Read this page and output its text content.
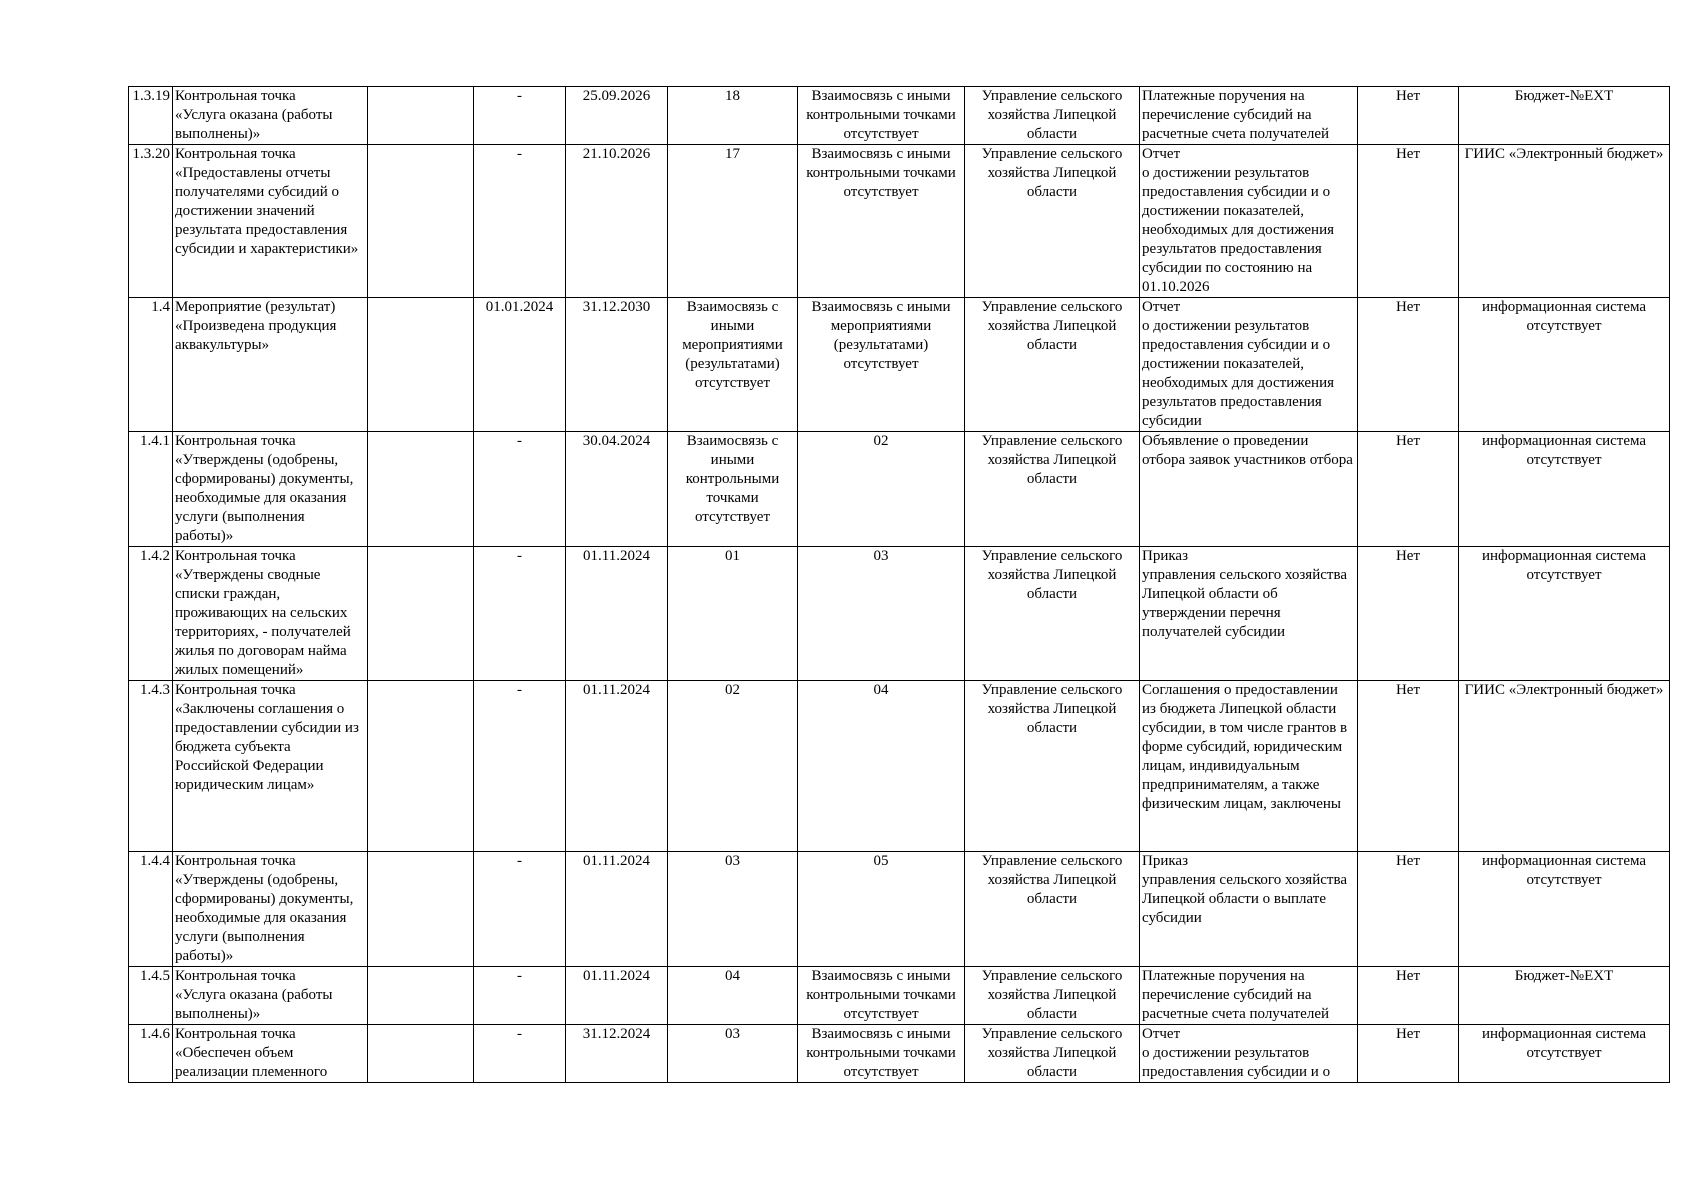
1.3.19	Контрольная точка
«Услуга оказана (работы выполнены)»		-	25.09.2026	18	Взаимосвязь с иными контрольными точками отсутствует	Управление сельского хозяйства Липецкой области	Платежные поручения на перечисление субсидий на расчетные счета получателей	Нет	Бюджет-№ЕХТ
1.3.20	Контрольная точка
«Предоставлены отчеты получателями субсидий о достижении значений результата предоставления субсидии и характеристики»		-	21.10.2026	17	Взаимосвязь с иными контрольными точками отсутствует	Управление сельского хозяйства Липецкой области	Отчет
о достижении результатов предоставления субсидии и о достижении показателей, необходимых для достижения результатов предоставления субсидии по состоянию на 01.10.2026	Нет	ГИИС «Электронный бюджет»
1.4	Мероприятие (результат) «Произведена продукция аквакультуры»		01.01.2024	31.12.2030	Взаимосвязь с иными мероприятиями (результатами) отсутствует	Взаимосвязь с иными мероприятиями (результатами) отсутствует	Управление сельского хозяйства Липецкой области	Отчет
о достижении результатов предоставления субсидии и о достижении показателей, необходимых для достижения результатов предоставления субсидии	Нет	информационная система отсутствует
1.4.1	Контрольная точка
«Утверждены (одобрены, сформированы) документы, необходимые для оказания услуги (выполнения работы)»		-	30.04.2024	Взаимосвязь с иными контрольными точками отсутствует	02	Управление сельского хозяйства Липецкой области	Объявление о проведении отбора заявок участников отбора	Нет	информационная система отсутствует
1.4.2	Контрольная точка
«Утверждены сводные списки граждан, проживающих на сельских территориях, - получателей жилья по договорам найма жилых помещений»		-	01.11.2024	01	03	Управление сельского хозяйства Липецкой области	Приказ
управления сельского хозяйства Липецкой области об утверждении перечня получателей субсидии	Нет	информационная система отсутствует
1.4.3	Контрольная точка
«Заключены соглашения о предоставлении субсидии из бюджета субъекта Российской Федерации юридическим лицам»		-	01.11.2024	02	04	Управление сельского хозяйства Липецкой области	Соглашения о предоставлении из бюджета Липецкой области субсидии, в том числе грантов в форме субсидий, юридическим лицам, индивидуальным предпринимателям, а также физическим лицам, заключены	Нет	ГИИС «Электронный бюджет»
1.4.4	Контрольная точка
«Утверждены (одобрены, сформированы) документы, необходимые для оказания услуги (выполнения работы)»		-	01.11.2024	03	05	Управление сельского хозяйства Липецкой области	Приказ
управления сельского хозяйства Липецкой области о выплате субсидии	Нет	информационная система отсутствует
1.4.5	Контрольная точка
«Услуга оказана (работы выполнены)»		-	01.11.2024	04	Взаимосвязь с иными контрольными точками отсутствует	Управление сельского хозяйства Липецкой области	Платежные поручения на перечисление субсидий на расчетные счета получателей	Нет	Бюджет-№ЕХТ
1.4.6	Контрольная точка
«Обеспечен объем реализации племенного		-	31.12.2024	03	Взаимосвязь с иными контрольными точками отсутствует	Управление сельского хозяйства Липецкой области	Отчет
о достижении результатов предоставления субсидии и о	Нет	информационная система отсутствует
